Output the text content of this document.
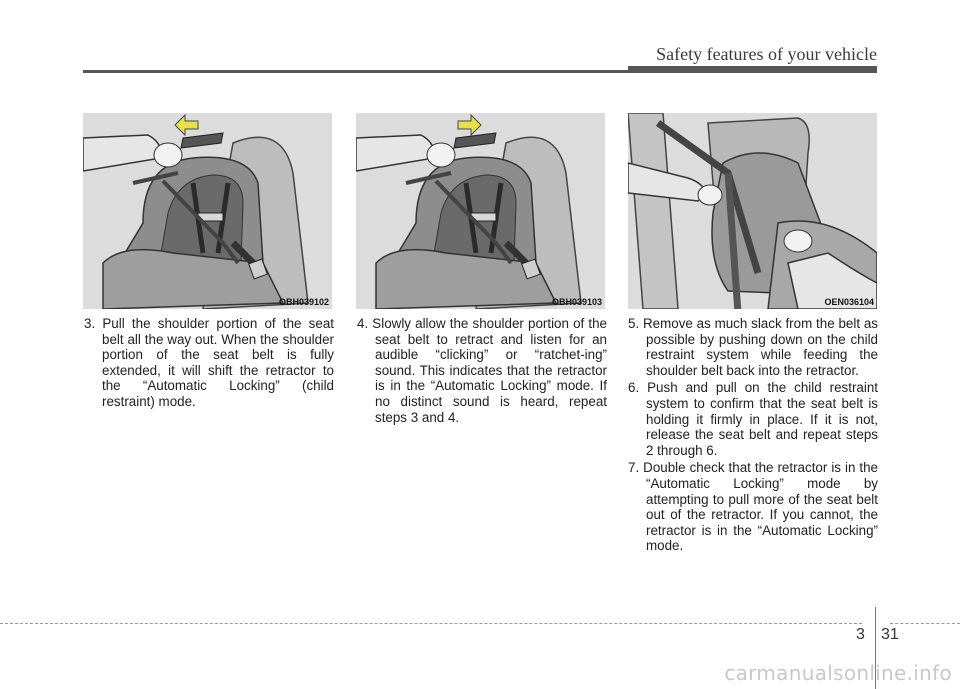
Safety features of your vehicle
OBH039102	OBH039103	OEN036104

3. Pull the shoulder portion of the seat belt all the way out. When the shoulder portion of the seat belt is fully extended, it will shift the retractor to the “Automatic Locking” (child restraint) mode.

4. Slowly allow the shoulder portion of the seat belt to retract and listen for an audible “clicking” or “ratchet-ing” sound. This indicates that the retractor is in the “Automatic Locking” mode. If no distinct sound is heard, repeat steps 3 and 4.

5. Remove as much slack from the belt as possible by pushing down on the child restraint system while feeding the shoulder belt back into the retractor.

6. Push and pull on the child restraint system to confirm that the seat belt is holding it firmly in place. If it is not, release the seat belt and repeat steps 2 through 6.

7. Double check that the retractor is in the “Automatic Locking” mode by attempting to pull more of the seat belt out of the retractor. If you cannot, the retractor is in the “Automatic Locking” mode.

3 31
carmanualsonline.info
